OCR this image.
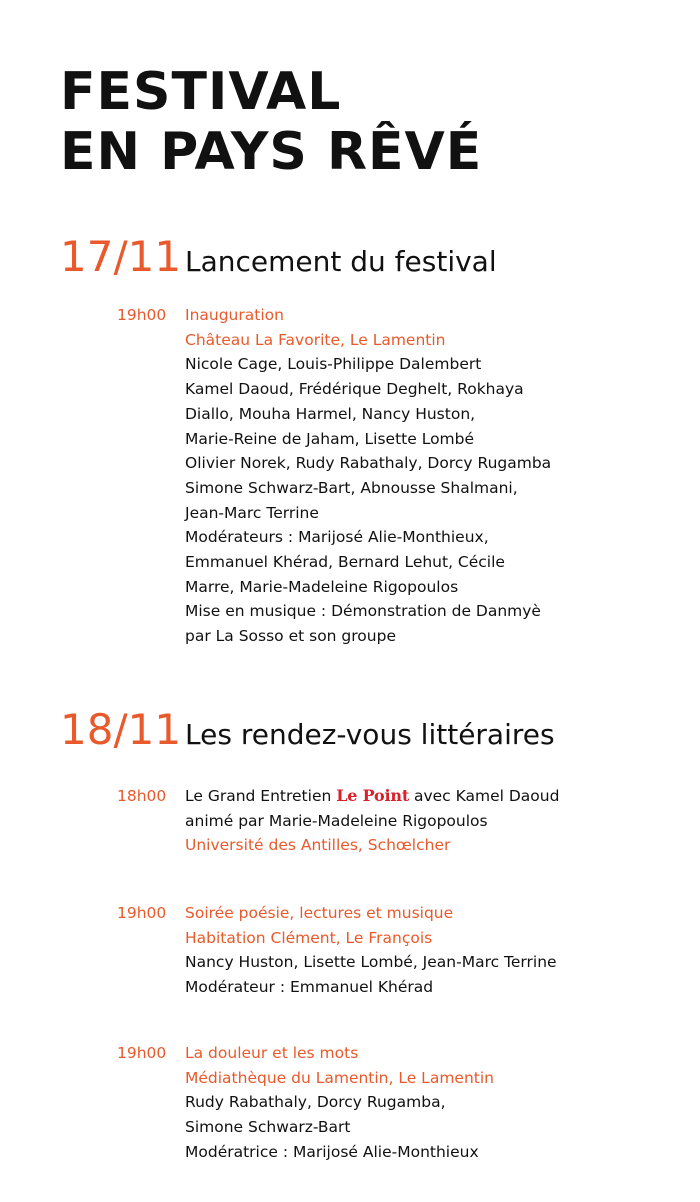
FESTIVAL
EN PAYS RÊVÉ
17/11 Lancement du festival
19h00	Inauguration
Château La Favorite, Le Lamentin
Nicole Cage, Louis-Philippe Dalembert
Kamel Daoud, Frédérique Deghelt, Rokhaya
Diallo, Mouha Harmel, Nancy Huston,
Marie-Reine de Jaham, Lisette Lombé
Olivier Norek, Rudy Rabathaly, Dorcy Rugamba
Simone Schwarz-Bart, Abnousse Shalmani,
Jean-Marc Terrine
Modérateurs : Marijosé Alie-Monthieux,
Emmanuel Khérad, Bernard Lehut, Cécile
Marre, Marie-Madeleine Rigopoulos
Mise en musique : Démonstration de Danmyè
par La Sosso et son groupe
18/11 Les rendez-vous littéraires
18h00	Le Grand Entretien Le Point avec Kamel Daoud
animé par Marie-Madeleine Rigopoulos
Université des Antilles, Schœlcher
19h00	Soirée poésie, lectures et musique
Habitation Clément, Le François
Nancy Huston, Lisette Lombé, Jean-Marc Terrine
Modérateur : Emmanuel Khérad
19h00	La douleur et les mots
Médiathèque du Lamentin, Le Lamentin
Rudy Rabathaly, Dorcy Rugamba,
Simone Schwarz-Bart
Modératrice : Marijosé Alie-Monthieux
